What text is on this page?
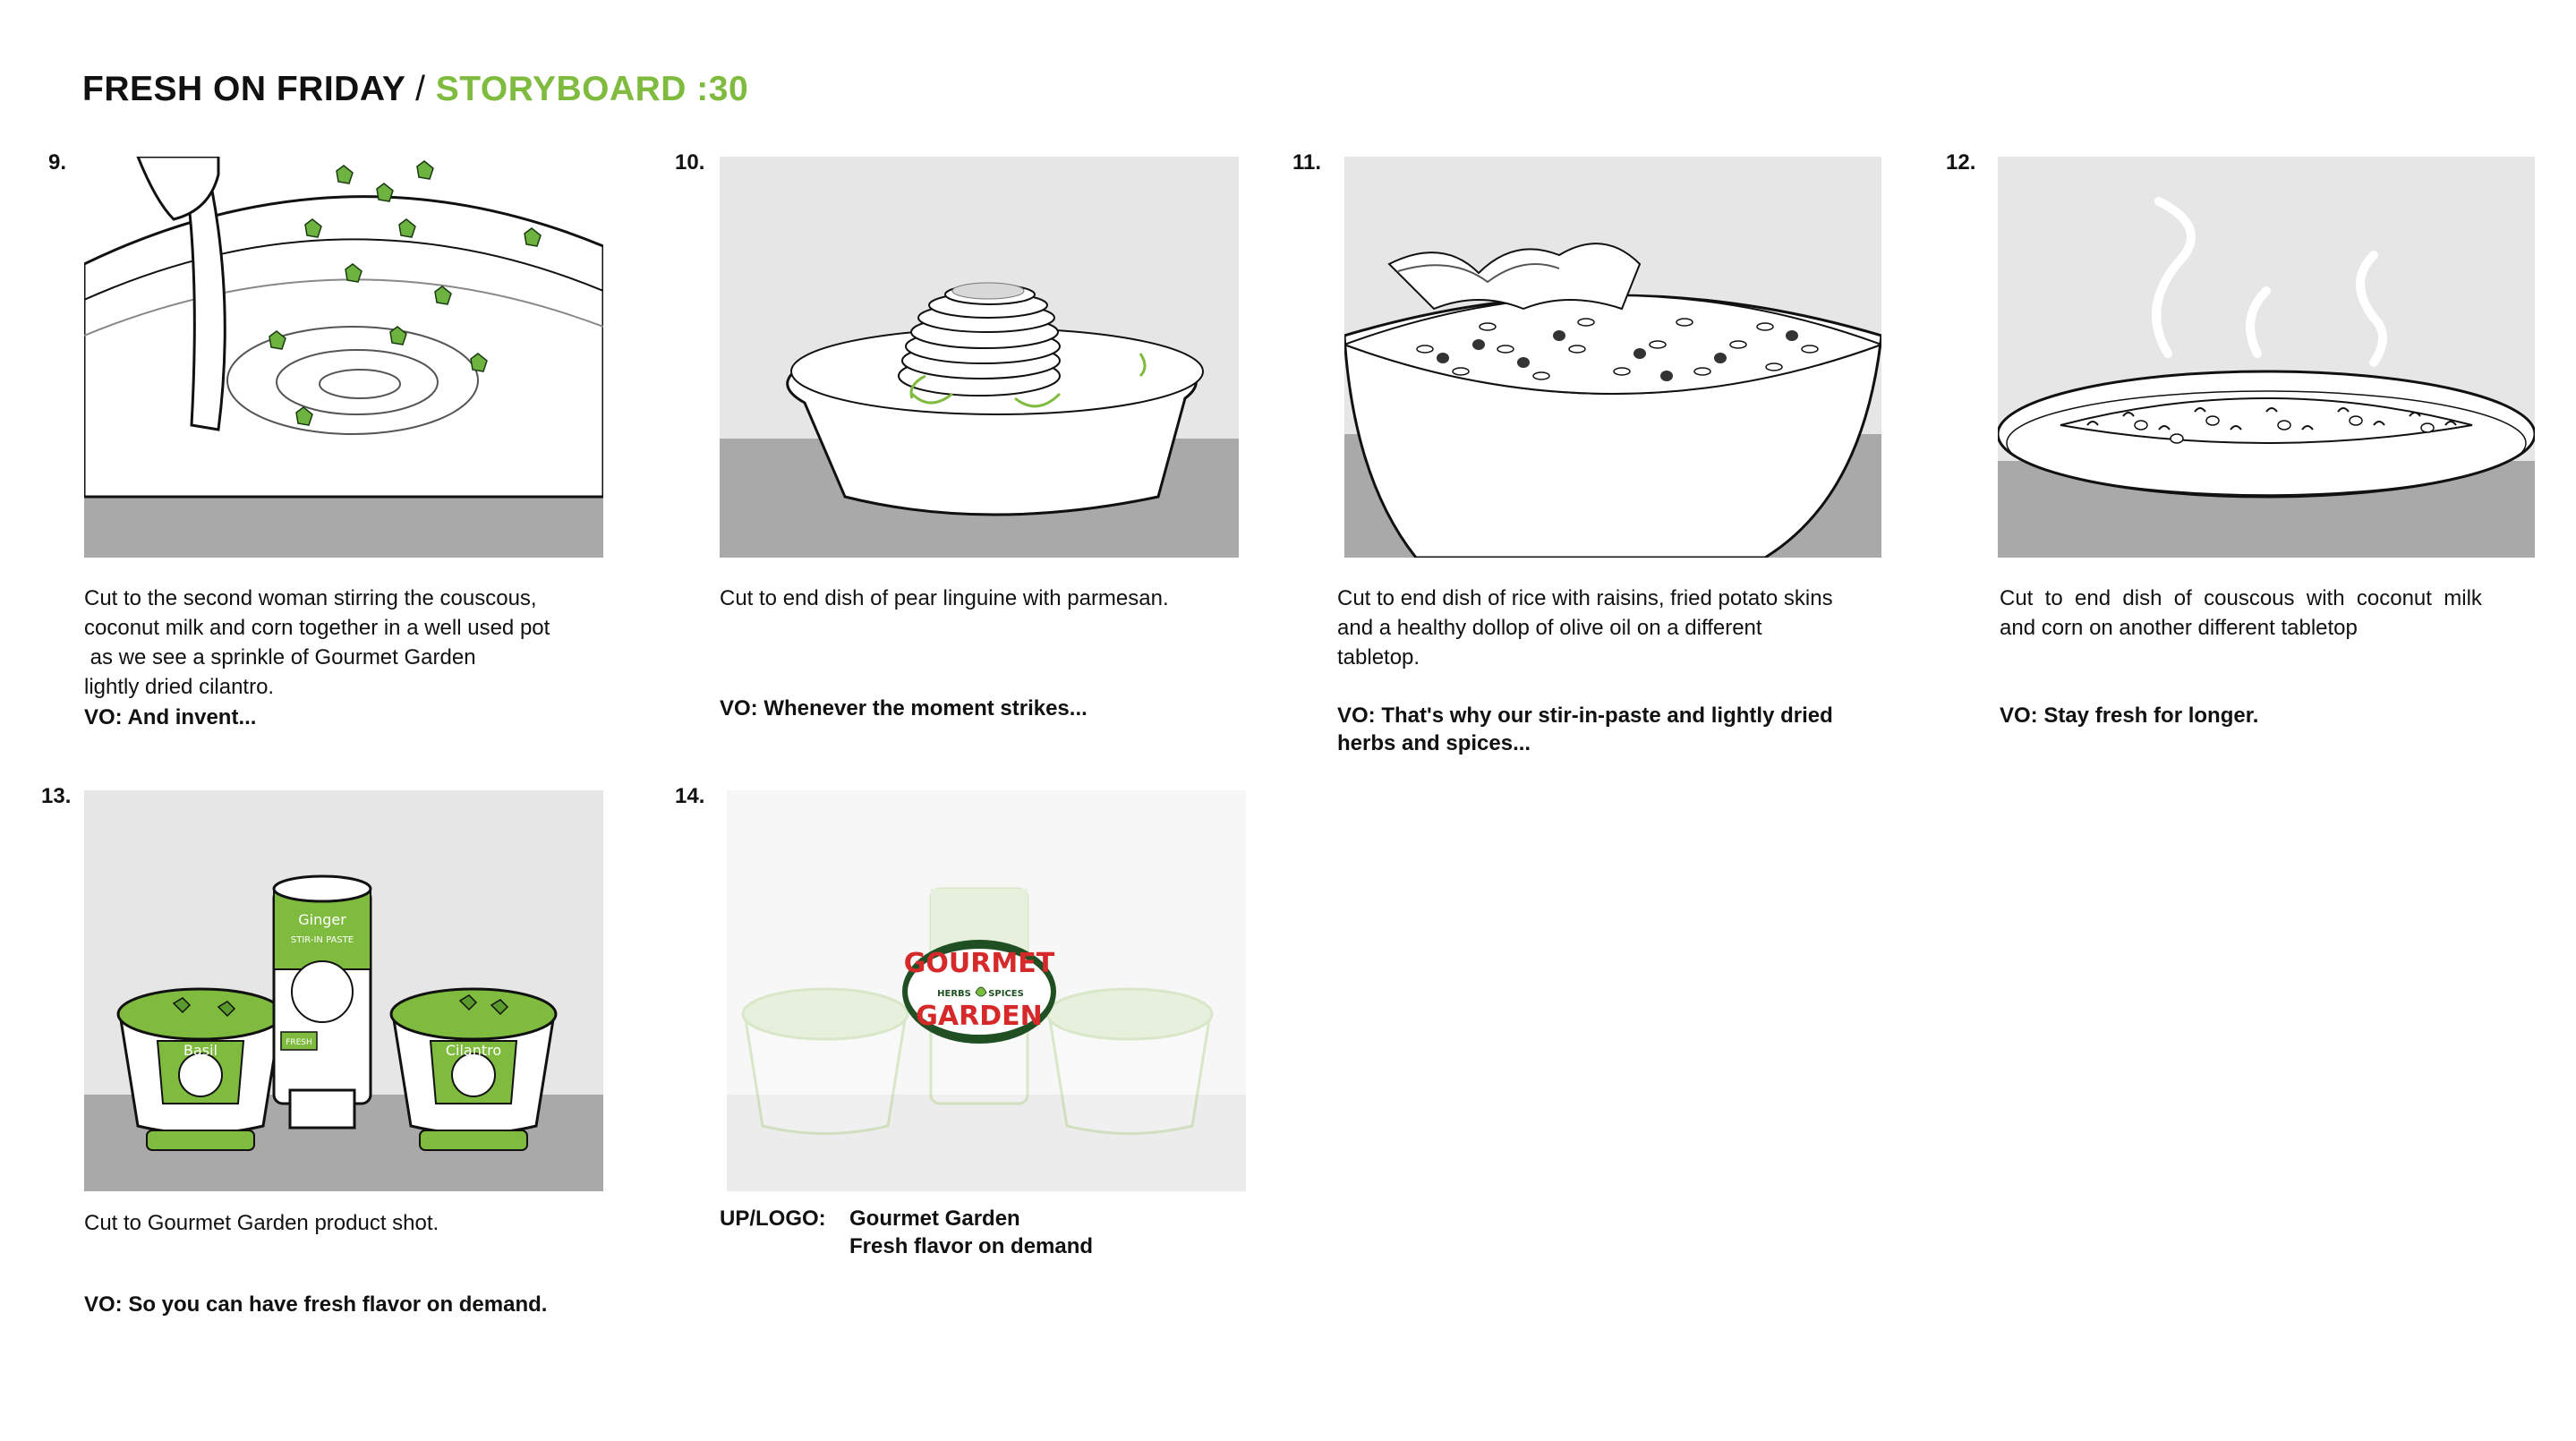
FRESH ON FRIDAY / STORYBOARD :30
9.
Cut to the second woman stirring the couscous,
coconut milk and corn together in a well used pot
as we see a sprinkle of Gourmet Garden
lightly dried cilantro.
VO: And invent...
10.
Cut to end dish of pear linguine with parmesan.
VO: Whenever the moment strikes...
11.
Cut to end dish of rice with raisins, fried potato skins
and a healthy dollop of olive oil on a different
tabletop.
VO: That's why our stir-in-paste and lightly dried
herbs and spices...
12.
Cut  to  end  dish  of  couscous  with  coconut  milk
and corn on another different tabletop
VO: Stay fresh for longer.
13.
Basil
Ginger
STIR-IN PASTE
FRESH	Cilantro
Cut to Gourmet Garden product shot.
VO: So you can have fresh flavor on demand.
14.
GOURMET
HERBS SPICES
GARDEN
UP/LOGO: Gourmet Garden
Fresh flavor on demand
